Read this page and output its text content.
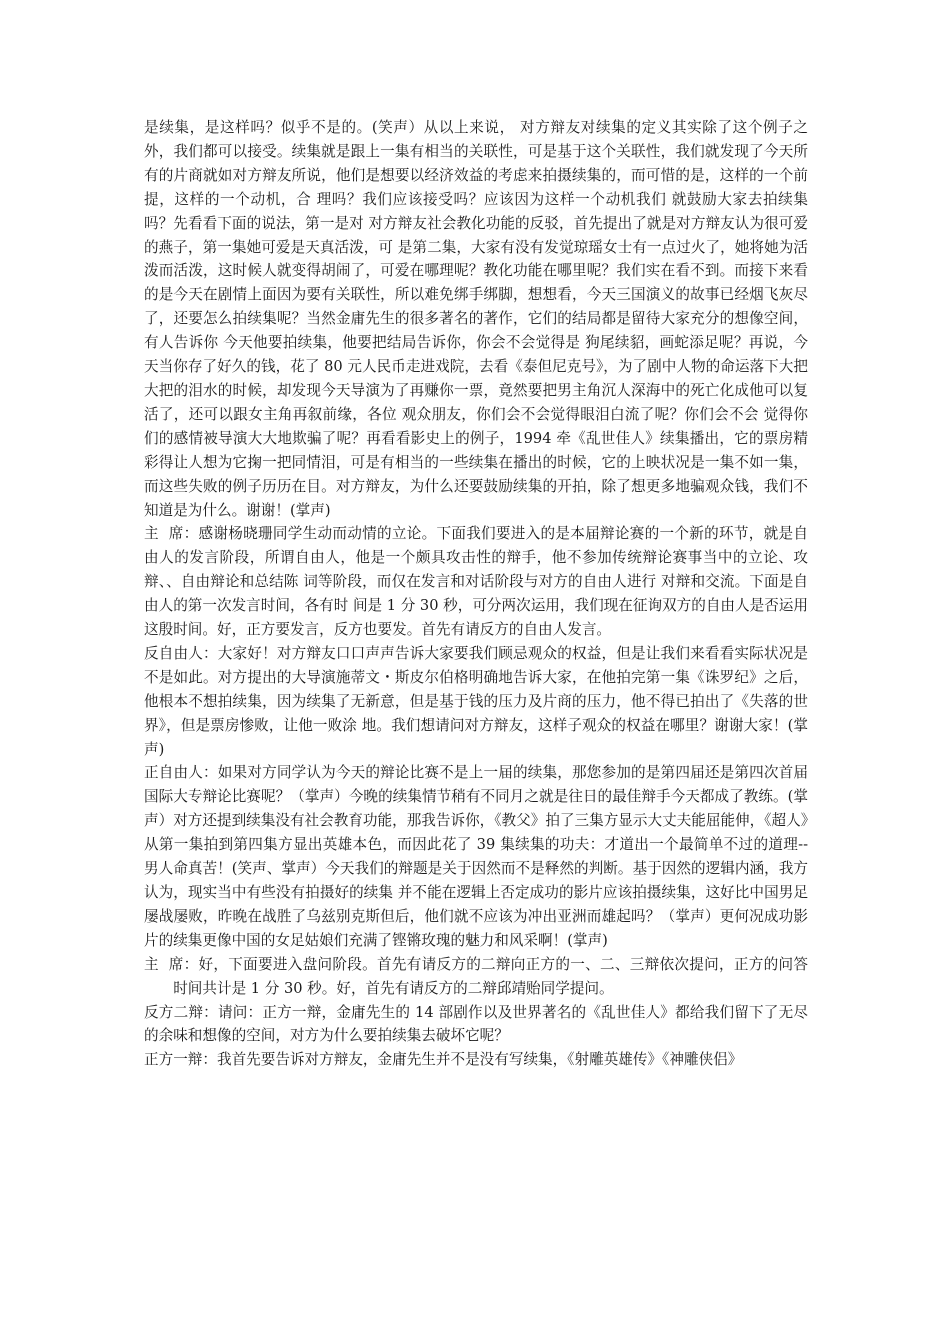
是续集，是这样吗？似乎不是的。(笑声）从以上来说， 对方辩友对续集的定义其实除了这个例子之外，我们都可以接受。续集就是跟上一集有相当的关联性，可是基于这个关联性，我们就发现了今天所有的片商就如对方辩友所说，他们是想要以经济效益的考虑来拍摄续集的，而可惜的是，这样的一个前提，这样的一个动机，合 理吗？我们应该接受吗？应该因为这样一个动机我们 就鼓励大家去拍续集吗？先看看下面的说法，第一是对 对方辩友社会教化功能的反驳，首先提出了就是对方辩友认为很可爱的燕子，第一集她可爱是天真活泼，可 是第二集，大家有没有发觉琼瑶女士有一点过火了，她将她为活泼而活泼，这时候人就变得胡闹了，可爱在哪理呢？教化功能在哪里呢？我们实在看不到。而接下来看的是今天在剧情上面因为要有关联性，所以难免绑手绑脚，想想看，今天三国演义的故事已经烟飞灰尽了，还要怎么拍续集呢？当然金庸先生的很多著名的著作，它们的结局都是留待大家充分的想像空间，有人告诉你 今天他要拍续集，他要把结局告诉你，你会不会觉得是 狗尾续貂，画蛇添足呢？再说，今天当你存了好久的钱，花了 80 元人民币走进戏院，去看《泰但尼克号》，为了剧中人物的命运落下大把大把的泪水的时候，却发现今天导演为了再赚你一票，竟然要把男主角沉人深海中的死亡化成他可以复活了，还可以跟女主角再叙前缘，各位 观众朋友，你们会不会觉得眼泪白流了呢？你们会不会 觉得你们的感情被导演大大地欺骗了呢？再看看影史上的例子，1994 牵《乱世佳人》续集播出，它的票房精彩得让人想为它掬一把同情泪，可是有相当的一些续集在播出的时候，它的上映状况是一集不如一集，而这些失败的例子历历在目。对方辩友，为什么还要鼓励续集的开拍，除了想更多地骗观众钱，我们不知道是为什么。谢谢！(掌声)

主  席：感谢杨晓珊同学生动而动情的立论。下面我们要进入的是本届辩论赛的一个新的环节，就是自由人的发言阶段，所谓自由人，他是一个颇具攻击性的辩手，他不参加传统辩论赛事当中的立论、攻辩、、自由辩论和总结陈 词等阶段，而仅在发言和对话阶段与对方的自由人进行 对辩和交流。下面是自由人的第一次发言时间，各有时 间是 1 分 30 秒，可分两次运用，我们现在征询双方的自由人是否运用这殷时间。好，正方要发言，反方也要发。首先有请反方的自由人发言。

反自由人：大家好！对方辩友口口声声告诉大家要我们顾忌观众的权益，但是让我们来看看实际状况是不是如此。对方提出的大导演施蒂文・斯皮尔伯格明确地告诉大家，在他拍完第一集《诛罗纪》之后，他根本不想拍续集，因为续集了无新意，但是基于钱的压力及片商的压力，他不得已拍出了《失落的世界》，但是票房惨败，让他一败涂 地。我们想请问对方辩友，这样子观众的权益在哪里？谢谢大家！(掌声)

正自由人：如果对方同学认为今天的辩论比赛不是上一届的续集，那您参加的是第四届还是第四次首届国际大专辩论比赛呢？（掌声）今晚的续集情节稍有不同月之就是往日的最佳辩手今天都成了教练。(掌声）对方还提到续集没有社会教育功能，那我告诉你，《教父》拍了三集方显示大丈夫能屈能伸，《超人》从第一集拍到第四集方显出英雄本色，而因此花了 39 集续集的功夫：才道出一个最简单不过的道理--男人命真苦！(笑声、掌声）今天我们的辩题是关于因然而不是释然的判断。基于因然的逻辑内涵，我方认为，现实当中有些没有拍摄好的续集 并不能在逻辑上否定成功的影片应该拍摄续集，这好比中国男足屡战屡败，昨晚在战胜了乌兹别克斯但后，他们就不应该为冲出亚洲而雄起吗？（掌声）更何况成功影片的续集更像中国的女足姑娘们充满了铿锵玫瑰的魅力和风采啊！(掌声)

主  席：好，下面要进入盘问阶段。首先有请反方的二辩向正方的一、二、三辩依次提问，正方的问答时间共计是 1 分 30 秒。好，首先有请反方的二辩邱靖贻同学提问。

反方二辩：请问：正方一辩，金庸先生的 14 部剧作以及世界著名的《乱世佳人》都给我们留下了无尽的余味和想像的空间，对方为什么要拍续集去破坏它呢？

正方一辩：我首先要告诉对方辩友，金庸先生并不是没有写续集，《射雕英雄传》《神雕侠侣》
